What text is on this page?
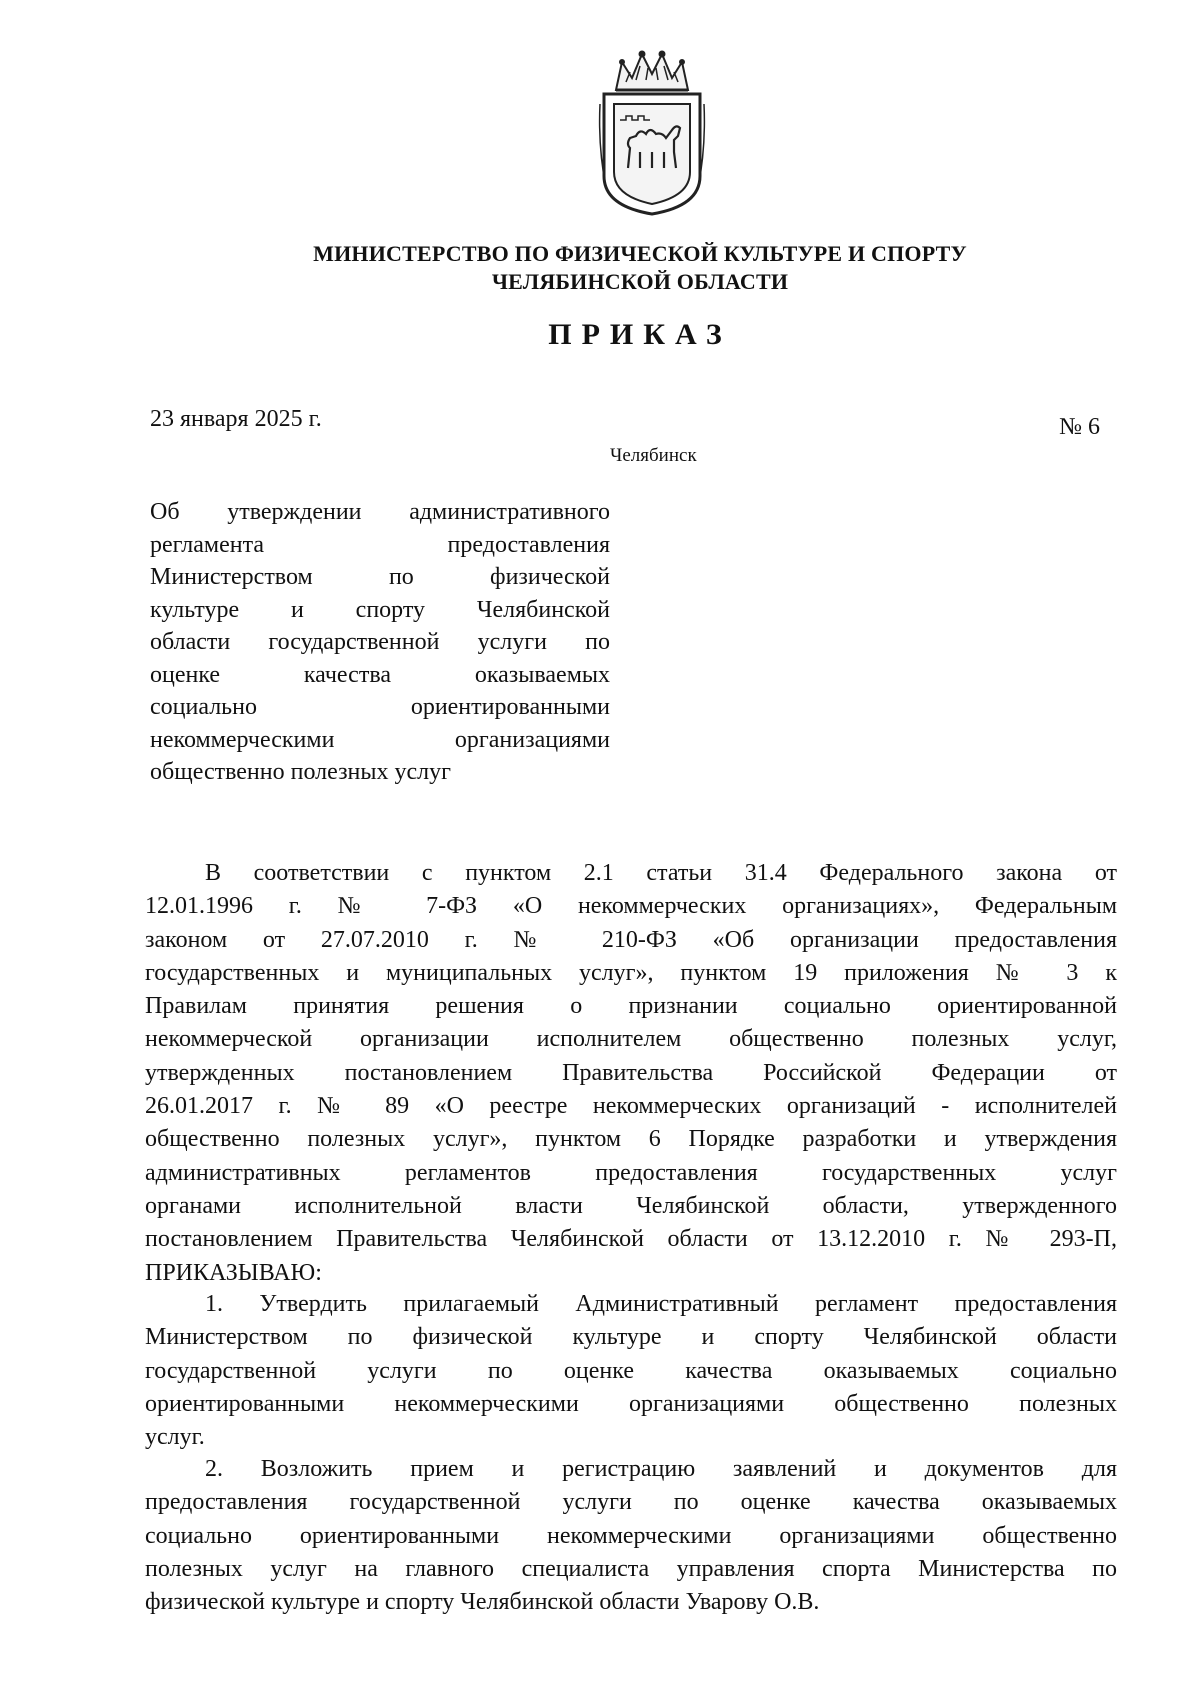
МИНИСТЕРСТВО ПО ФИЗИЧЕСКОЙ КУЛЬТУРЕ И СПОРТУ
ЧЕЛЯБИНСКОЙ ОБЛАСТИ
ПРИКАЗ
23 января 2025 г.	№ 6
Челябинск
Об утверждении административного
регламента предоставления
Министерством по физической
культуре и спорту Челябинской
области государственной услуги по
оценке качества оказываемых
социально ориентированными
некоммерческими организациями
общественно полезных услуг
В соответствии с пунктом 2.1 статьи 31.4 Федерального закона от
12.01.1996 г. № 7-ФЗ «О некоммерческих организациях», Федеральным
законом от 27.07.2010 г. № 210-ФЗ «Об организации предоставления
государственных и муниципальных услуг», пунктом 19 приложения № 3 к
Правилам принятия решения о признании социально ориентированной
некоммерческой организации исполнителем общественно полезных услуг,
утвержденных постановлением Правительства Российской Федерации от
26.01.2017 г. № 89 «О реестре некоммерческих организаций - исполнителей
общественно полезных услуг», пунктом 6 Порядке разработки и утверждения
административных регламентов предоставления государственных услуг
органами исполнительной власти Челябинской области, утвержденного
постановлением Правительства Челябинской области от 13.12.2010 г. № 293-П,
ПРИКАЗЫВАЮ:
1. Утвердить прилагаемый Административный регламент предоставления
Министерством по физической культуре и спорту Челябинской области
государственной услуги по оценке качества оказываемых социально
ориентированными некоммерческими организациями общественно полезных
услуг.
2. Возложить прием и регистрацию заявлений и документов для
предоставления государственной услуги по оценке качества оказываемых
социально ориентированными некоммерческими организациями общественно
полезных услуг на главного специалиста управления спорта Министерства по
физической культуре и спорту Челябинской области Уварову О.В.
